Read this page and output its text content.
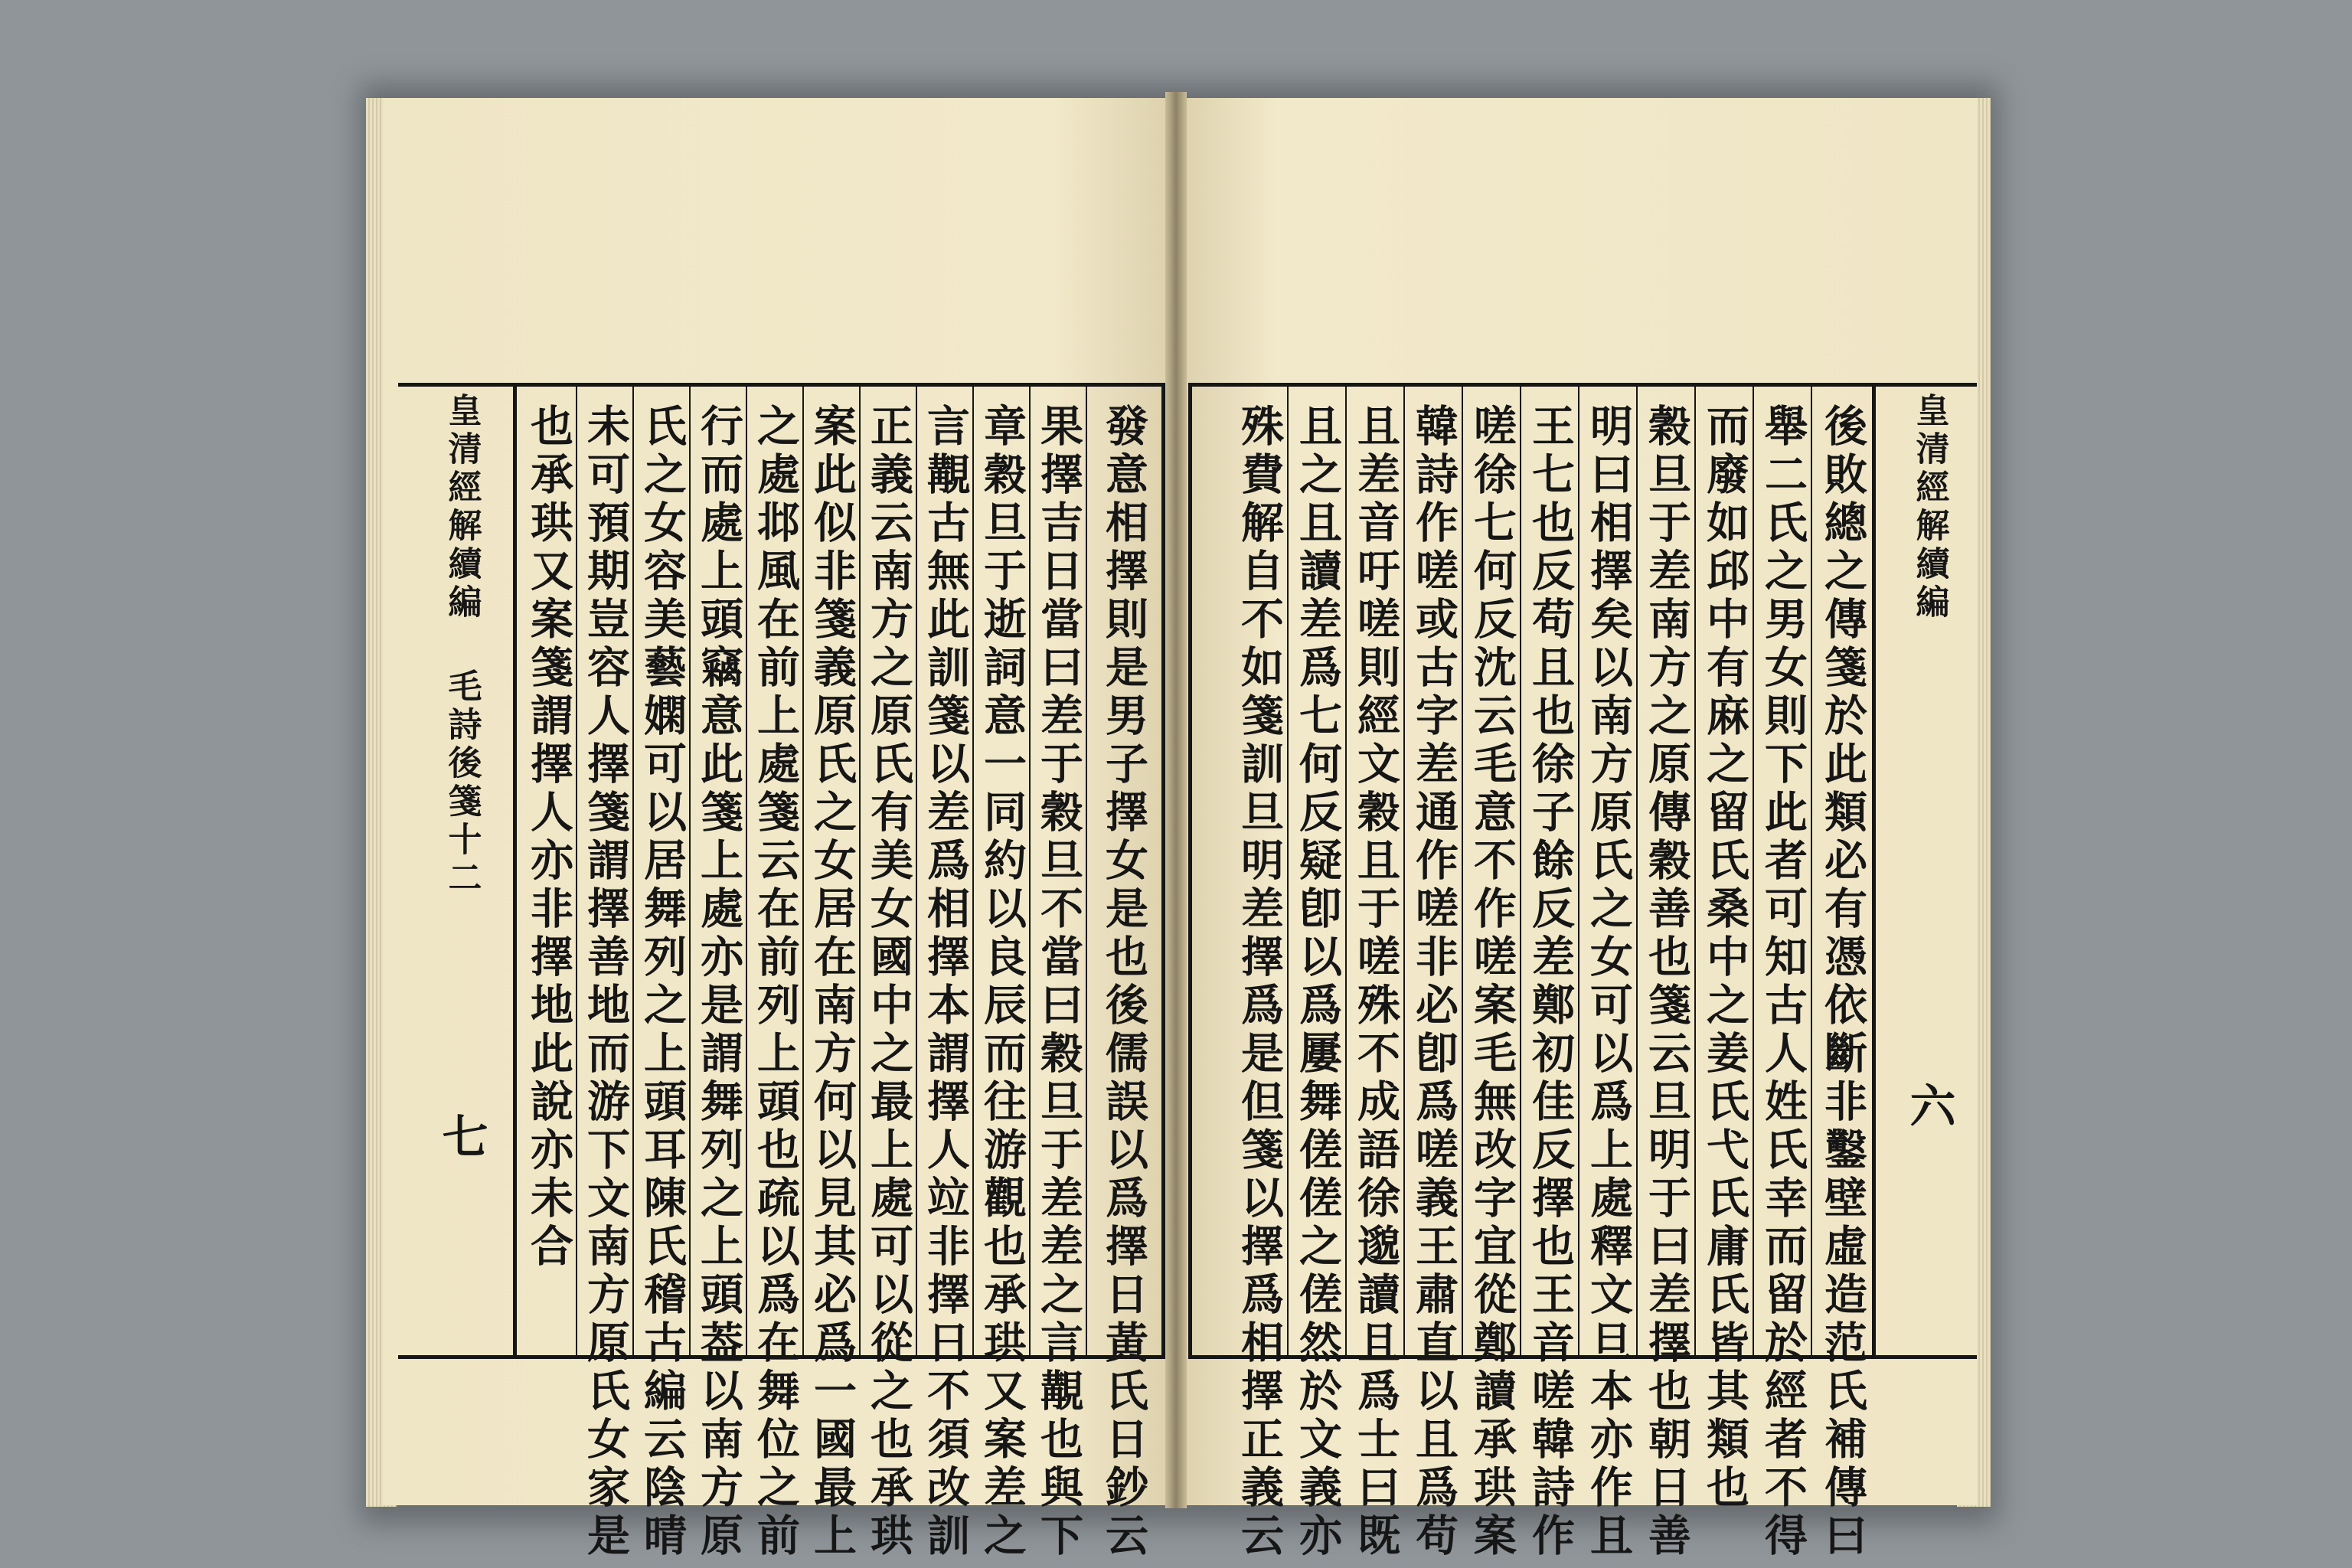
發意相擇則是男子擇女是也後儒誤以爲擇日黃氏日鈔云
果擇吉日當曰差于穀旦不當曰穀旦于差差之言覯也與下
章穀旦于逝詞意一同約以良辰而往游觀也承珙又案差之
言覯古無此訓箋以差爲相擇本謂擇人竝非擇日不須改訓
正義云南方之原氏有美女國中之最上處可以從之也承珙
案此似非箋義原氏之女居在南方何以見其必爲一國最上
之處邶風在前上處箋云在前列上頭也疏以爲在舞位之前
行而處上頭竊意此箋上處亦是謂舞列之上頭葢以南方原
氏之女容美藝嫻可以居舞列之上頭耳陳氏稽古編云陰晴
未可預期豈容人擇箋謂擇善地而游下文南方原氏女家是
也承珙又案箋謂擇人亦非擇地此說亦未合
皇清經解續編
毛詩後箋十二
七
皇清經解續編
六
後敗總之傳箋於此類必有憑依斷非鑿壁虛造范氏補傳曰
舉二氏之男女則下此者可知古人姓氏幸而留於經者不得
而廢如邱中有麻之留氏桑中之姜氏弋氏庸氏皆其類也
穀旦于差南方之原傳穀善也箋云旦明于曰差擇也朝日善
明曰相擇矣以南方原氏之女可以爲上處釋文旦本亦作且
王七也反苟且也徐子餘反差鄭初佳反擇也王音嗟韓詩作
嗟徐七何反沈云毛意不作嗟案毛無改字宜從鄭讀承珙案
韓詩作嗟或古字差通作嗟非必卽爲嗟義王肅直以且爲苟
且差音吁嗟則經文穀且于嗟殊不成語徐邈讀且爲士曰既
且之且讀差爲七何反疑卽以爲屢舞傞傞之傞然於文義亦
殊費解自不如箋訓旦明差擇爲是但箋以擇爲相擇正義云
